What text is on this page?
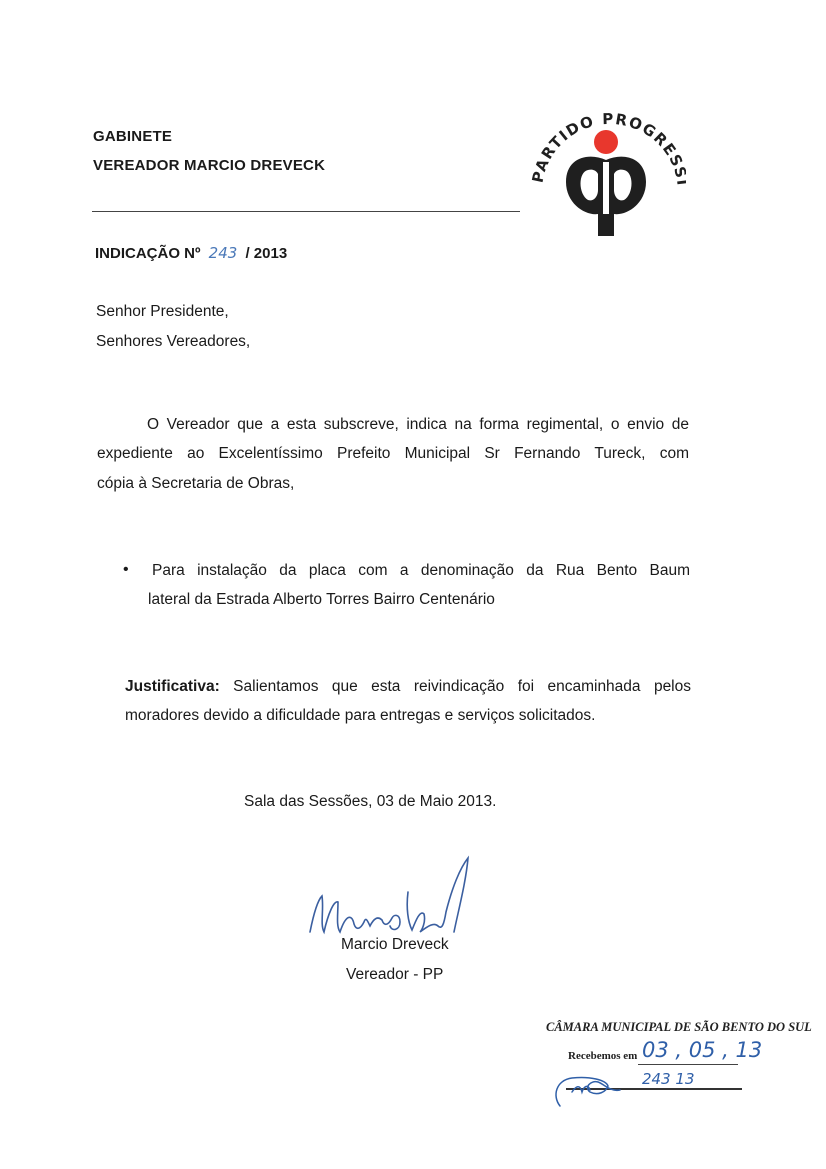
GABINETE
VEREADOR MARCIO DREVECK
PARTIDO PROGRES
INDICAÇÃO Nº 243 / 2013
Senhor Presidente,
Senhores Vereadores,
O Vereador que a esta subscreve, indica na forma regimental, o envio de
expediente ao Excelentíssimo Prefeito Municipal Sr Fernando Tureck, com
cópia à Secretaria de Obras,
• Para instalação da placa com a denominação da Rua Bento Baum
lateral da Estrada Alberto Torres Bairro Centenário
Justificativa: Salientamos que esta reivindicação foi encaminhada pelos
moradores devido a dificuldade para entregas e serviços solicitados.
Sala das Sessões, 03 de Maio 2013.
Marcio Dreveck
Vereador - PP
CÂMARA MUNICIPAL DE SÃO BENTO DO SUL
Recebemos em 03 , 05 , 13
243 13
